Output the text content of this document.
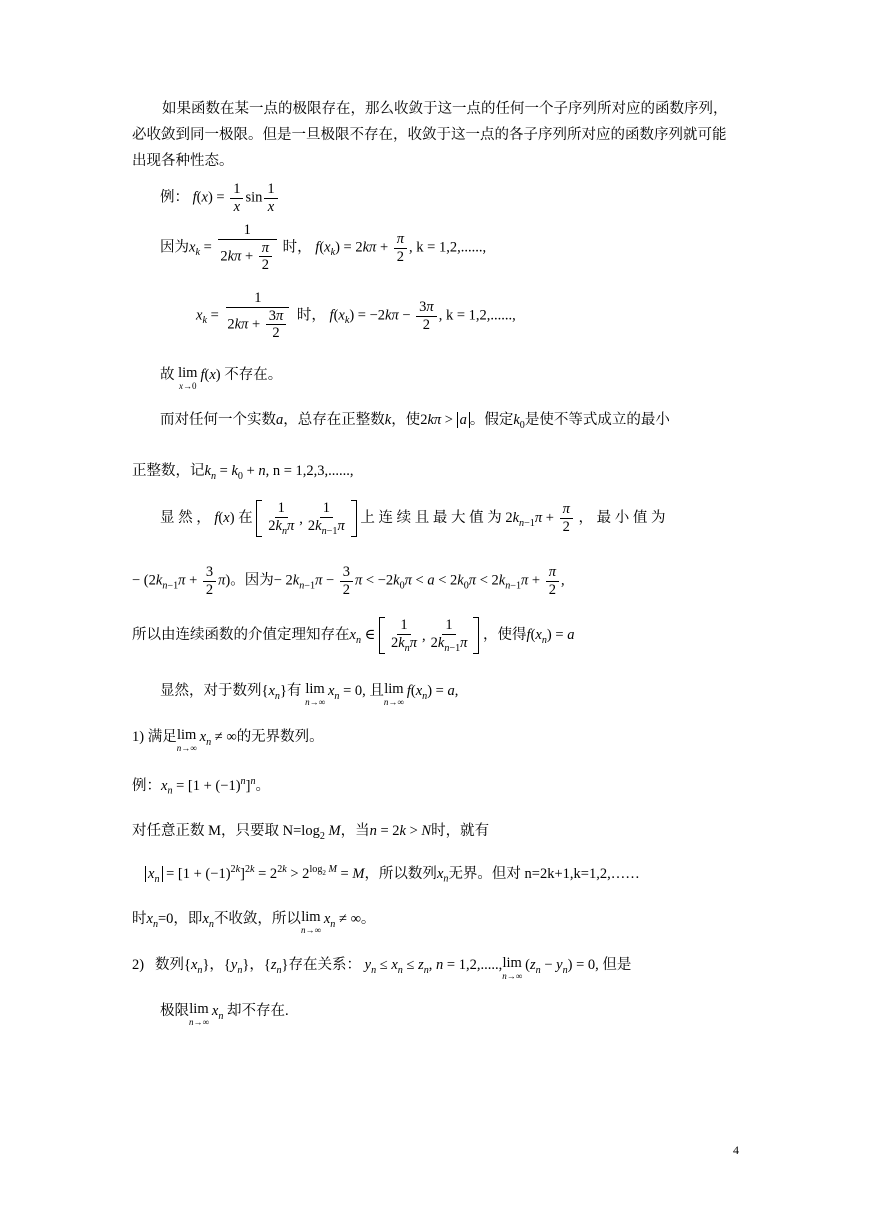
如果函数在某一点的极限存在，那么收敛于这一点的任何一个子序列所对应的函数序列，必收敛到同一极限。但是一旦极限不存在，收敛于这一点的各子序列所对应的函数序列就可能出现各种性态。
例： $f(x) = \frac{1}{x}$ $\sin \frac{1}{x}$
因为$x_k = \frac{1}{2k\pi + \frac{\pi}{2}}$ 时， $f(x_k) = 2k\pi + \frac{\pi}{2}$ , k = 1,2,......,
$x_k = \frac{1}{2k\pi + \frac{3\pi}{2}}$ 时， $f(x_k) = -2k\pi - \frac{3\pi}{2}$ , k = 1,2,......,
故 lim
x→0
f(x) 不存在。
而对任何一个实数a，总存在正整数k，使2kπ > a 。假定$k_0$是使不等式成立的最小
正整数，记$k_n = k_0 + n$, n = 1,2,3,......,
显 然 ， f(x) 在 $\frac{1}{2k_n\pi}$ , $\frac{1}{2k_{n-1}\pi}$ 上 连 续 且 最 大 值 为 $2k_{n-1}\pi + \frac{\pi}{2}$ ， 最 小 值 为
− $(2k_{n-1}\pi + \frac{3}{2} \pi)$。因为− $2k_{n-1}\pi - \frac{3}{2}$ $\pi < -2k_0\pi < a < 2k_0\pi < 2k_{n-1}\pi + \frac{\pi}{2}$ ,
所以由连续函数的介值定理知存在$x_n$ ∈ $\frac{1}{2k_n\pi}$ , $\frac{1}{2k_{n-1}\pi}$ ，使得$f(x_n) = a$
显然，对于数列$\{x_n\}$有 lim
n→∞
$x_n = 0$, 且 lim
n→∞
$f(x_n) = a$,
1) 满足 lim
n→∞
$x_n$ ≠ ∞的无界数列。
例：$x_n = [1 + (-1)^n]^n$。
对任意正数 M，只要取 $N=\log_2$ M，当n = 2k > N时，就有
$x_n = [1 + (-1)^{2k}]^{2k} = 2^{2k} > 2^{log_2 M} = M$，所以数列$x_n$无界。但对 n=2k+1,k=1,2,……
时$x_n=0$，即$x_n$不收敛，所以 lim
n→∞
$x_n$ ≠ ∞。
2) 数列$\{x_n\}$，$\{y_n\}$，$\{z_n\}$存在关系： $y_n \le x_n \le z_n$, n = 1,2,....., lim
n→∞
$(z_n - y_n) = 0$, 但是
极限 lim
n→∞
$x_n$ 却不存在.
4
